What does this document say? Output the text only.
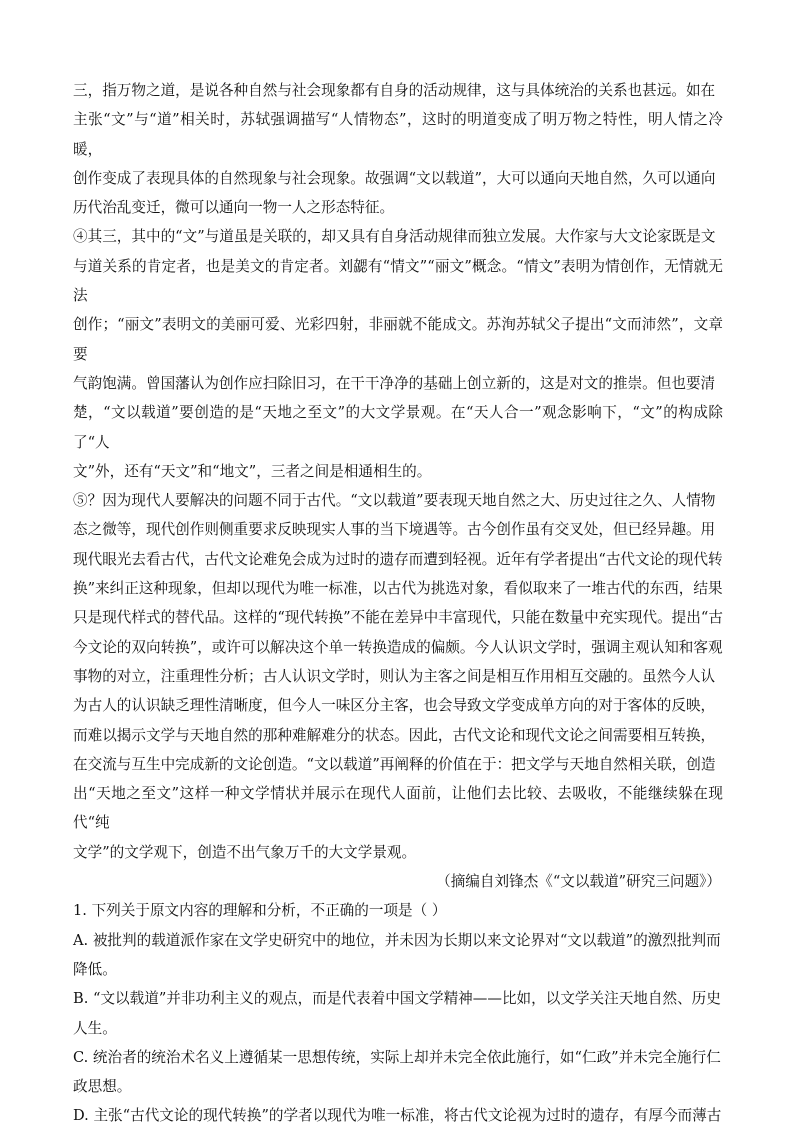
三，指万物之道，是说各种自然与社会现象都有自身的活动规律，这与具体统治的关系也甚远。如在
主张“文”与“道”相关时，苏轼强调描写“人情物态”，这时的明道变成了明万物之特性，明人情之冷暖，
创作变成了表现具体的自然现象与社会现象。故强调“文以载道”，大可以通向天地自然，久可以通向
历代治乱变迁，微可以通向一物一人之形态特征。

④其三，其中的“文”与道虽是关联的，却又具有自身活动规律而独立发展。大作家与大文论家既是文
与道关系的肯定者，也是美文的肯定者。刘勰有“情文”“丽文”概念。“情文”表明为情创作，无情就无法
创作；“丽文”表明文的美丽可爱、光彩四射，非丽就不能成文。苏洵苏轼父子提出“文而沛然”，文章要
气韵饱满。曾国藩认为创作应扫除旧习，在干干净净的基础上创立新的，这是对文的推崇。但也要清
楚，“文以载道”要创造的是“天地之至文”的大文学景观。在“天人合一”观念影响下，“文”的构成除了“人
文”外，还有“天文”和“地文”，三者之间是相通相生的。

⑤？因为现代人要解决的问题不同于古代。“文以载道”要表现天地自然之大、历史过往之久、人情物
态之微等，现代创作则侧重要求反映现实人事的当下境遇等。古今创作虽有交叉处，但已经异趣。用
现代眼光去看古代，古代文论难免会成为过时的遗存而遭到轻视。近年有学者提出“古代文论的现代转
换”来纠正这种现象，但却以现代为唯一标准，以古代为挑选对象，看似取来了一堆古代的东西，结果
只是现代样式的替代品。这样的“现代转换”不能在差异中丰富现代，只能在数量中充实现代。提出“古
今文论的双向转换”，或许可以解决这个单一转换造成的偏颇。今人认识文学时，强调主观认知和客观
事物的对立，注重理性分析；古人认识文学时，则认为主客之间是相互作用相互交融的。虽然今人认
为古人的认识缺乏理性清晰度，但今人一味区分主客，也会导致文学变成单方向的对于客体的反映，
而难以揭示文学与天地自然的那种难解难分的状态。因此，古代文论和现代文论之间需要相互转换，
在交流与互生中完成新的文论创造。“文以载道”再阐释的价值在于：把文学与天地自然相关联，创造
出“天地之至文”这样一种文学情状并展示在现代人面前，让他们去比较、去吸收，不能继续躲在现代“纯
文学”的文学观下，创造不出气象万千的大文学景观。

（摘编自刘锋杰《“文以载道”研究三问题》）

1. 下列关于原文内容的理解和分析，不正确的一项是（ ）

A. 被批判的载道派作家在文学史研究中的地位，并未因为长期以来文论界对“文以载道”的激烈批判而
降低。

B. “文以载道”并非功利主义的观点，而是代表着中国文学精神——比如，以文学关注天地自然、历史
人生。

C. 统治者的统治术名义上遵循某一思想传统，实际上却并未完全依此施行，如“仁政”并未完全施行仁
政思想。

D. 主张“古代文论的现代转换”的学者以现代为唯一标准，将古代文论视为过时的遗存，有厚今而薄古
